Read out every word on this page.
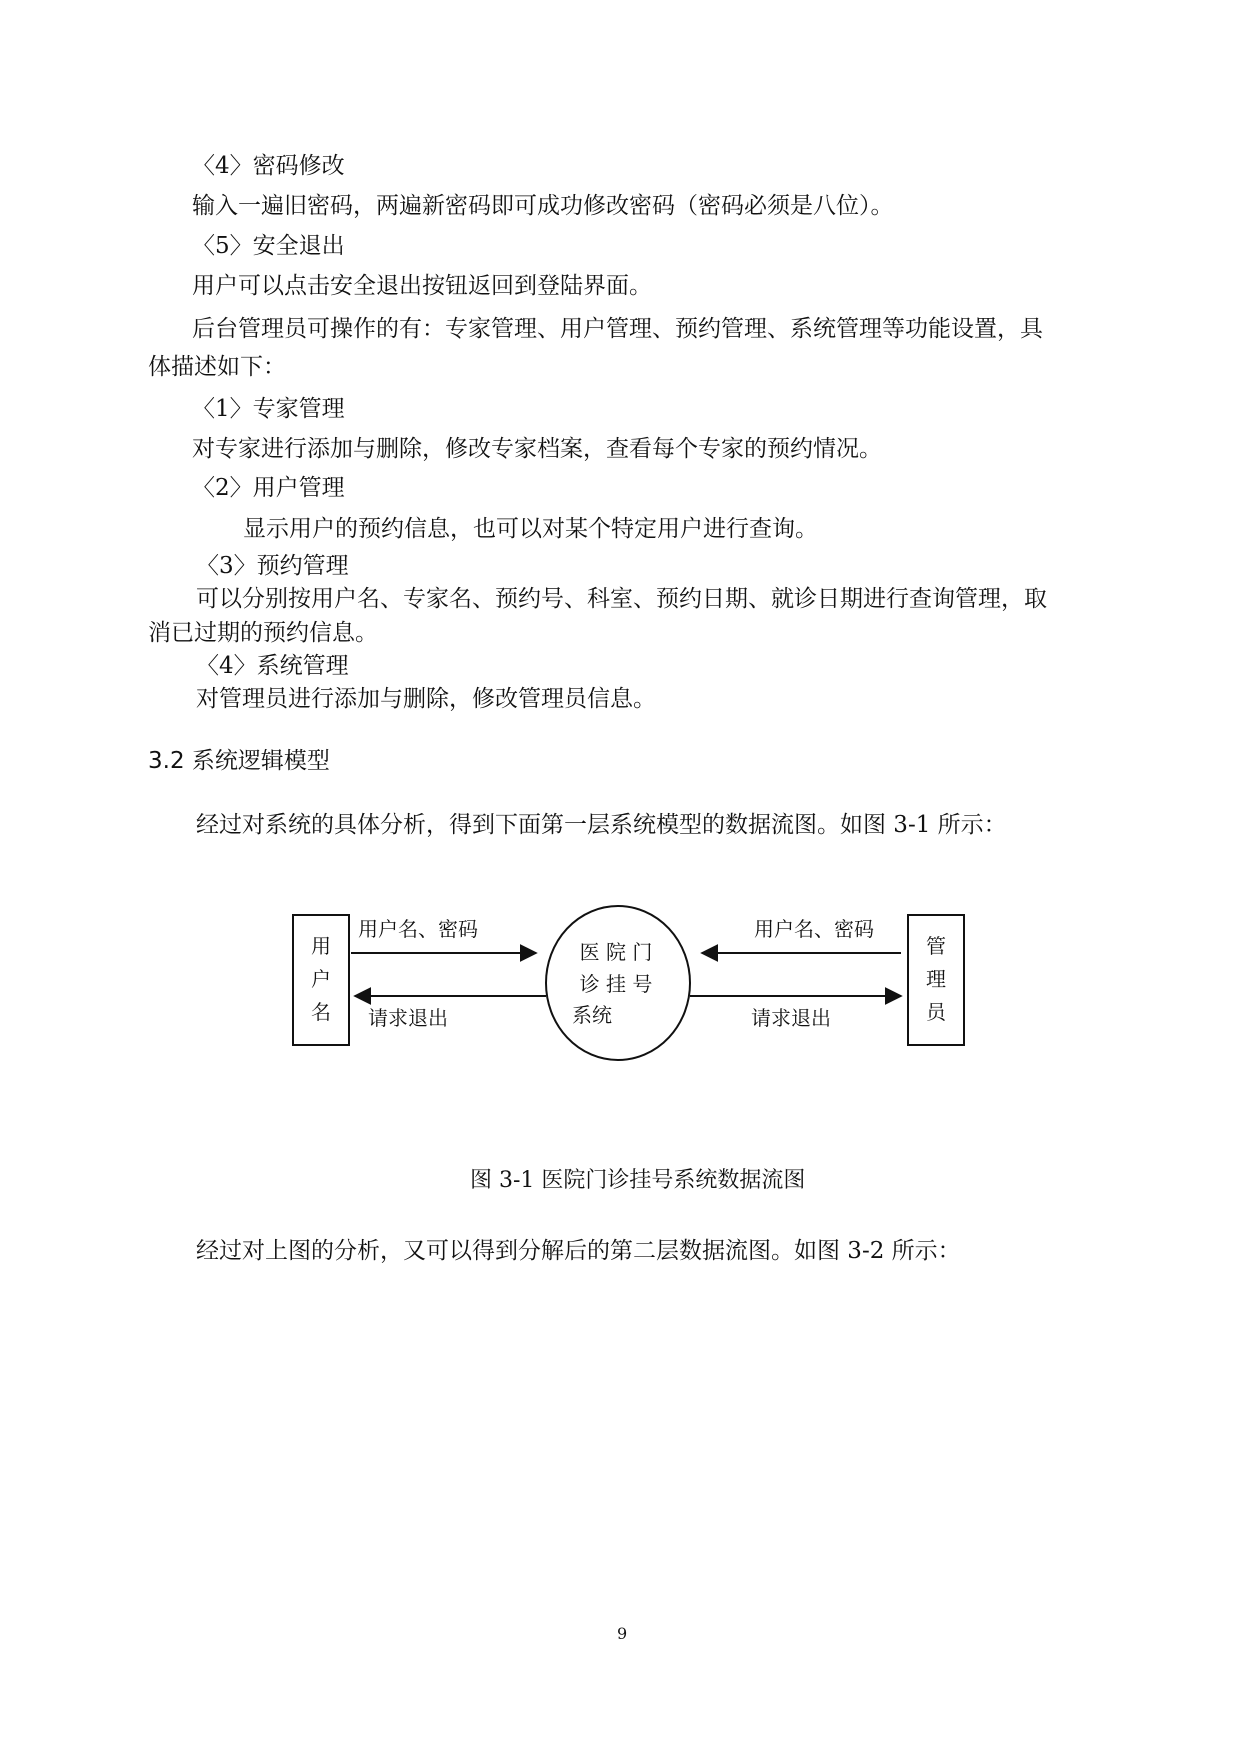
〈4〉密码修改
输入一遍旧密码，两遍新密码即可成功修改密码（密码必须是八位）。
〈5〉安全退出
用户可以点击安全退出按钮返回到登陆界面。
后台管理员可操作的有：专家管理、用户管理、预约管理、系统管理等功能设置，具
体描述如下：
〈1〉专家管理
对专家进行添加与删除，修改专家档案，查看每个专家的预约情况。
〈2〉用户管理
显示用户的预约信息，也可以对某个特定用户进行查询。
〈3〉预约管理
可以分别按用户名、专家名、预约号、科室、预约日期、就诊日期进行查询管理，取
消已过期的预约信息。
〈4〉系统管理
对管理员进行添加与删除，修改管理员信息。
3.2 系统逻辑模型
经过对系统的具体分析，得到下面第一层系统模型的数据流图。如图 3-1 所示：
用
户
名
管
理
员
医 院 门
诊 挂 号
系统
用户名、密码
请求退出
用户名、密码
请求退出
图 3-1 医院门诊挂号系统数据流图
经过对上图的分析，又可以得到分解后的第二层数据流图。如图 3-2 所示：
9
